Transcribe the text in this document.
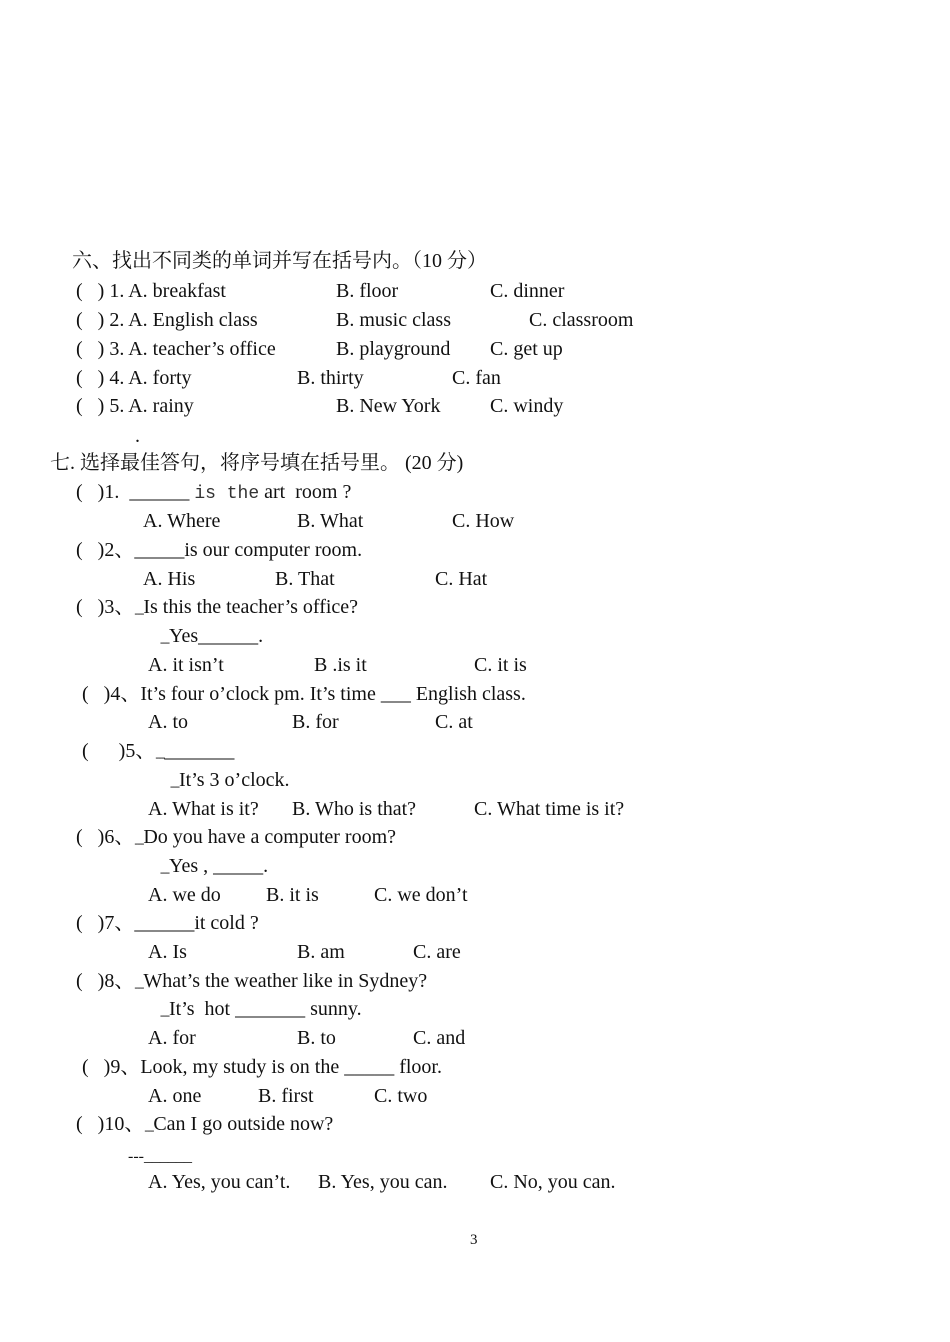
六、找出不同类的单词并写在括号内。（10 分）
(   ) 1. A. breakfast	B. floor	C. dinner
(   ) 2. A. English class	B. music class	C. classroom
(   ) 3. A. teacher’s office	B. playground C. get up
(   ) 4. A. forty	B. thirty	C. fan
(   ) 5. A. rainy	B. New York C. windy
.
七. 选择最佳答句，将序号填在括号里。 (20 分)
(   )1.  ______ is the art  room ?
A. Where	B. What	C. How
(   )2、_____is our computer room.
A. His	B. That	C. Hat
(   )3、$_{---}$Is this the teacher’s office?
$_{---}$Yes______.
A. it isn’t	B .is it	C. it is
(   )4、It’s four o’clock pm. It’s time ___ English class.
A. to	B. for	C. at
(      )5、$_{---}$_______
$_{---}$It’s 3 o’clock.
A. What is it? B. Who is that?	C. What time is it?
(   )6、$_{---}$Do you have a computer room?
$_{---}$Yes , _____.
A. we do B. it is	C. we don’t
(   )7、______it cold ?
A. Is	B. am	C. are
(   )8、$_{---}$What’s the weather like in Sydney?
$_{---}$It’s  hot _______ sunny.
A. for	B. to	C. and
(   )9、Look, my study is on the _____ floor.
A. one	B. first	C. two
(   )10、$_{---}$Can I go outside now?
---______
A. Yes, you can’t. B. Yes, you can. C. No, you can.
3
